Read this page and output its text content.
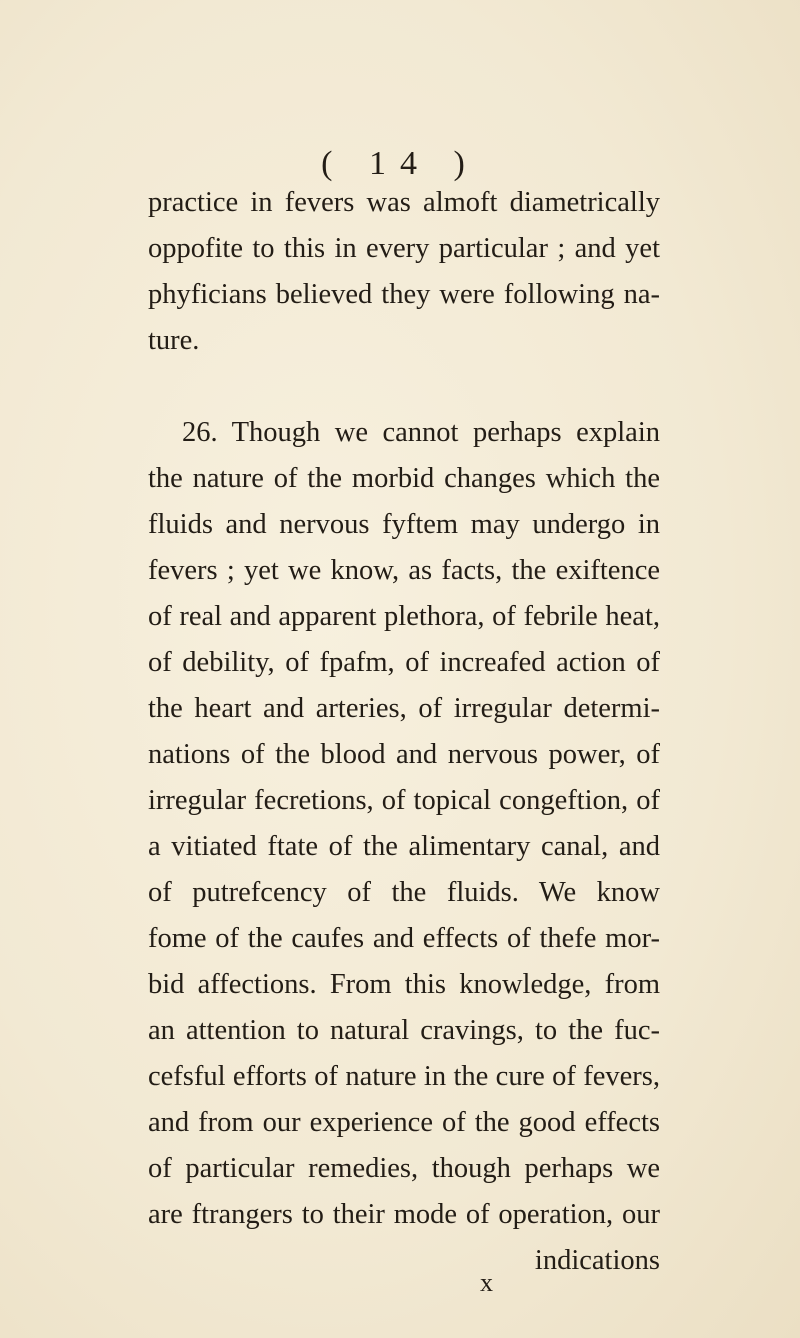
( 14 )
practice in fevers was almoft diametrically
oppofite to this in every particular ; and yet
phyficians believed they were following na-
ture.
26. Though we cannot perhaps explain
the nature of the morbid changes which the
fluids and nervous fyftem may undergo in
fevers ; yet we know, as facts, the exiftence
of real and apparent plethora, of febrile heat,
of debility, of fpafm, of increafed action of
the heart and arteries, of irregular determi-
nations of the blood and nervous power, of
irregular fecretions, of topical congeftion, of
a vitiated ftate of the alimentary canal, and
of putrefcency of the fluids. We know
fome of the caufes and effects of thefe mor-
bid affections. From this knowledge, from
an attention to natural cravings, to the fuc-
cefsful efforts of nature in the cure of fevers,
and from our experience of the good effects
of particular remedies, though perhaps we
are ftrangers to their mode of operation, our
indications
x
